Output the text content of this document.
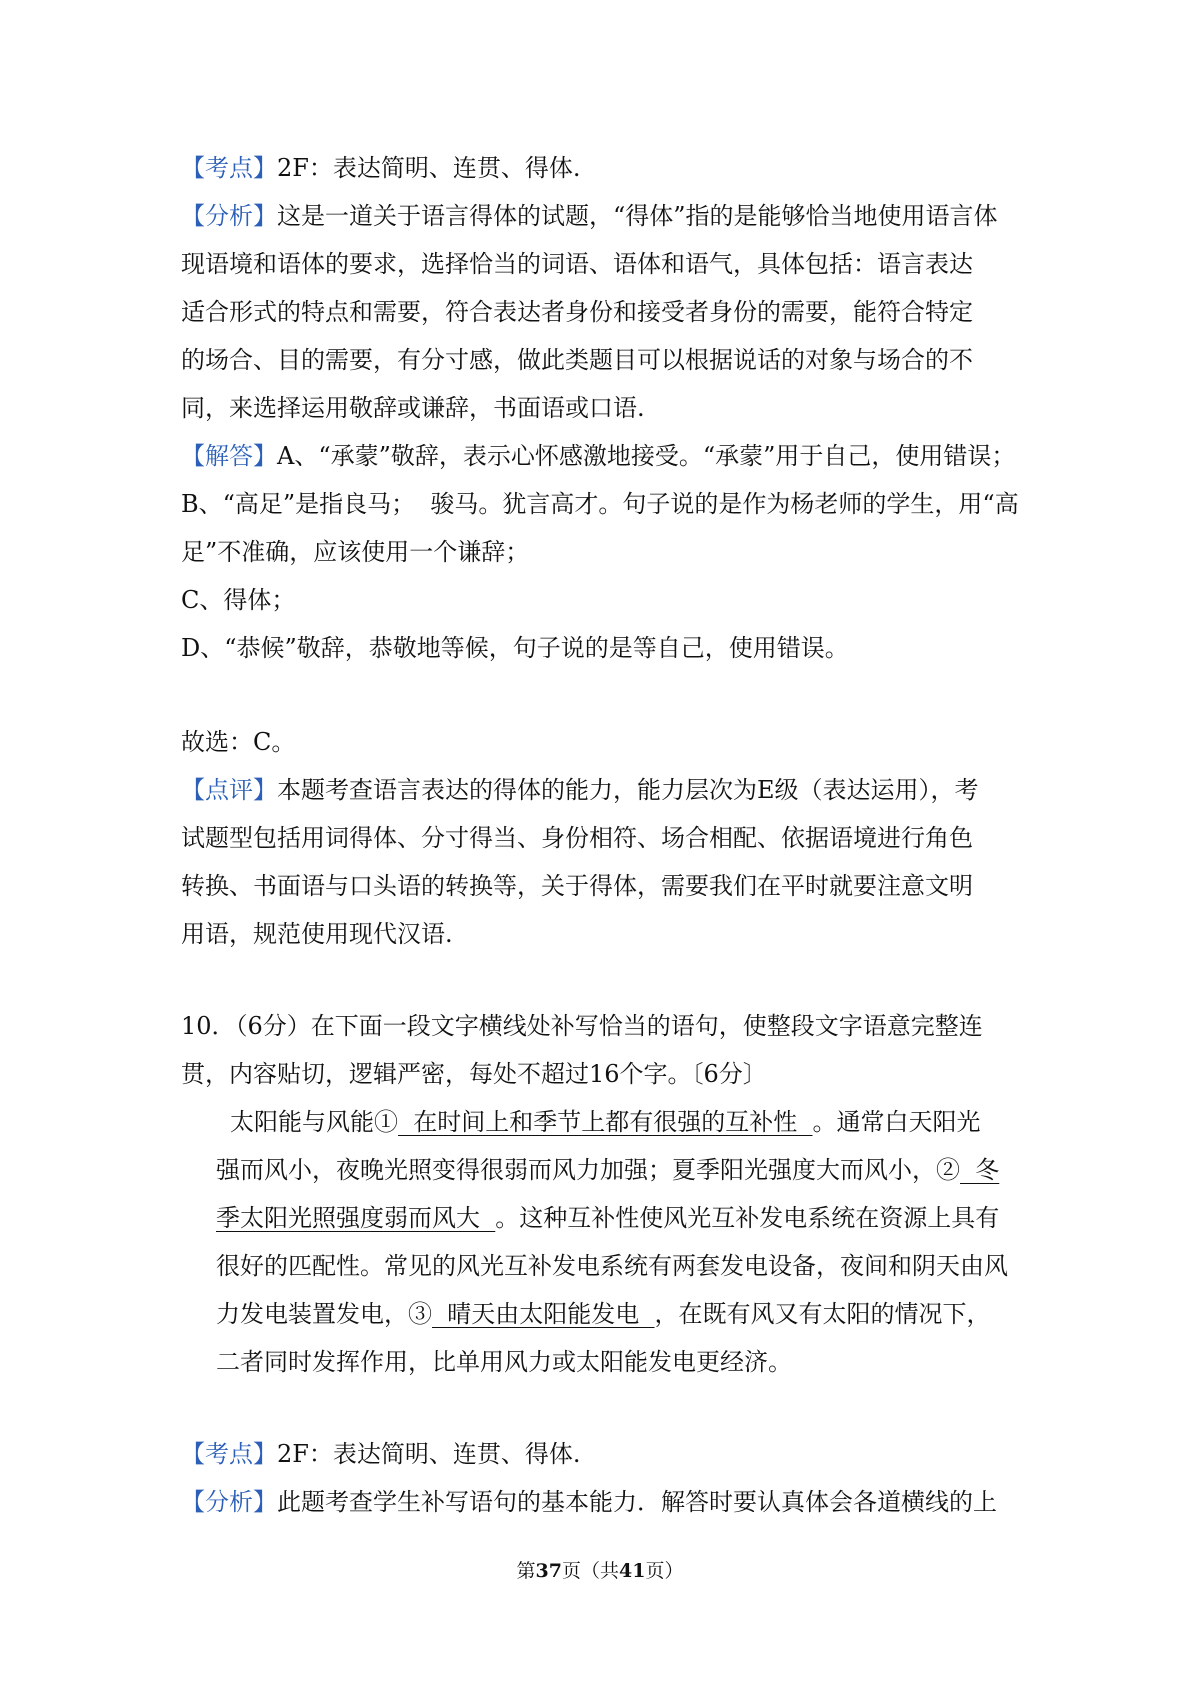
【考点】2F：表达简明、连贯、得体.
【分析】这是一道关于语言得体的试题，“得体”指的是能够恰当地使用语言体
现语境和语体的要求，选择恰当的词语、语体和语气，具体包括：语言表达
适合形式的特点和需要，符合表达者身份和接受者身份的需要，能符合特定
的场合、目的需要，有分寸感，做此类题目可以根据说话的对象与场合的不
同，来选择运用敬辞或谦辞，书面语或口语.
【解答】A、“承蒙”敬辞，表示心怀感激地接受。“承蒙”用于自己，使用错误；
B、“高足”是指良马；  骏马。犹言高才。句子说的是作为杨老师的学生，用“高
足”不准确，应该使用一个谦辞；
C、得体；
D、“恭候”敬辞，恭敬地等候，句子说的是等自己，使用错误。
故选：C。
【点评】本题考查语言表达的得体的能力，能力层次为E级（表达运用），考
试题型包括用词得体、分寸得当、身份相符、场合相配、依据语境进行角色
转换、书面语与口头语的转换等，关于得体，需要我们在平时就要注意文明
用语，规范使用现代汉语.
10．（6分）在下面一段文字横线处补写恰当的语句，使整段文字语意完整连
贯，内容贴切，逻辑严密，每处不超过16个字。〔6分〕
太阳能与风能①  在时间上和季节上都有很强的互补性  。通常白天阳光
强而风小，夜晚光照变得很弱而风力加强；夏季阳光强度大而风小，②  冬
季太阳光照强度弱而风大  。这种互补性使风光互补发电系统在资源上具有
很好的匹配性。常见的风光互补发电系统有两套发电设备，夜间和阴天由风
力发电装置发电，③  晴天由太阳能发电  ，在既有风又有太阳的情况下，
二者同时发挥作用，比单用风力或太阳能发电更经济。
【考点】2F：表达简明、连贯、得体.
【分析】此题考查学生补写语句的基本能力．解答时要认真体会各道横线的上
第37页（共41页）
